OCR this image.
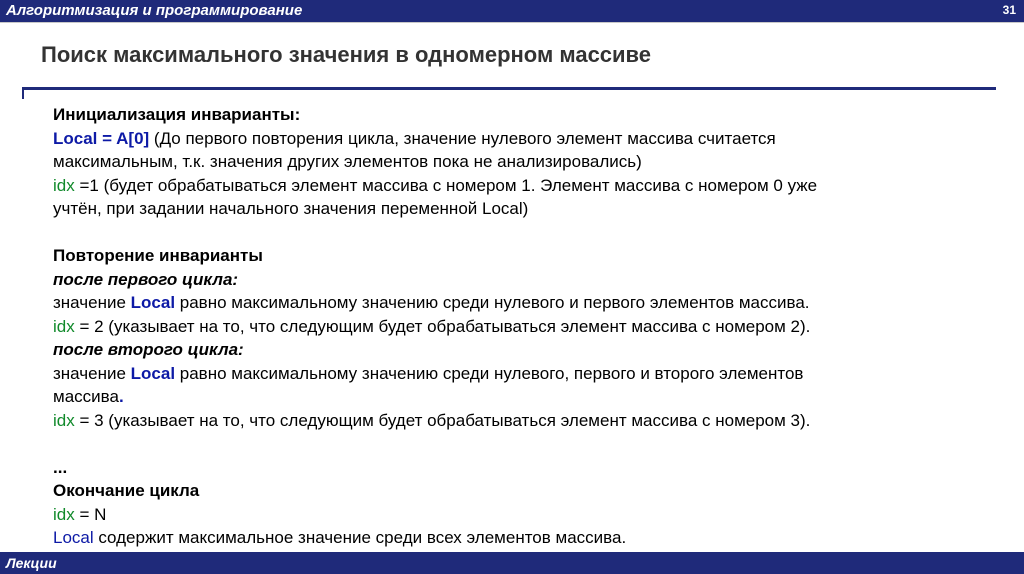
Алгоритмизация и программирование	31
Поиск максимального значения в одномерном массиве

Инициализация инварианты:

Local = A[0] (До первого повторения цикла, значение нулевого элемент массива считается

максимальным, т.к. значения других элементов пока не анализировались)

idx =1 (будет обрабатываться элемент массива с номером 1. Элемент массива с номером 0 уже

учтён, при задании начального значения переменной Local)

Повторение инварианты

после первого цикла:

значение Local равно максимальному значению среди нулевого и первого элементов массива.

idx = 2 (указывает на то, что следующим будет обрабатываться элемент массива с номером 2).

после второго цикла:

значение Local равно максимальному значению среди нулевого, первого и второго элементов

массива.

idx = 3 (указывает на то, что следующим будет обрабатываться элемент массива с номером 3).

...

Окончание цикла

idx = N

Local содержит максимальное значение среди всех элементов массива.

Лекции
